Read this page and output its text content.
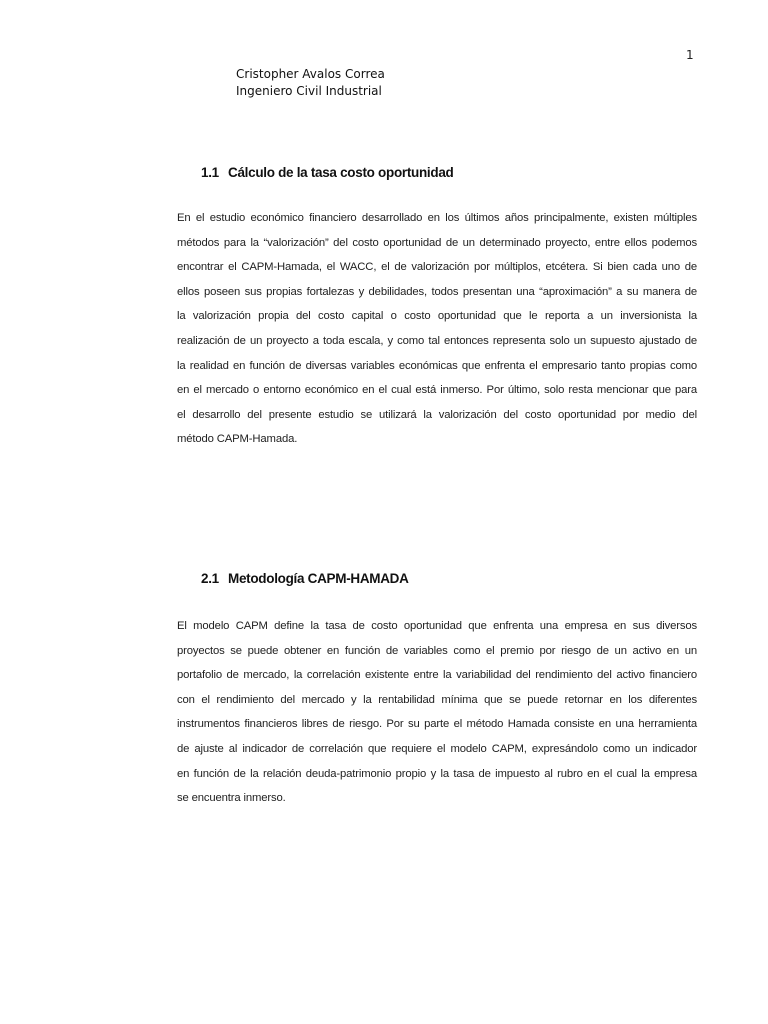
1
Cristopher Avalos Correa
Ingeniero Civil Industrial
1.1 Cálculo de la tasa costo oportunidad
En el estudio económico financiero desarrollado en los últimos años principalmente, existen múltiples
métodos para la “valorización” del costo oportunidad de un determinado proyecto, entre ellos podemos
encontrar el CAPM-Hamada, el WACC, el de valorización por múltiplos, etcétera. Si bien cada uno de
ellos poseen sus propias fortalezas y debilidades, todos presentan una “aproximación” a su manera de
la valorización propia del costo capital o costo oportunidad que le reporta a un inversionista la
realización de un proyecto a toda escala, y como tal entonces representa solo un supuesto ajustado de
la realidad en función de diversas variables económicas que enfrenta el empresario tanto propias como
en el mercado o entorno económico en el cual está inmerso. Por último, solo resta mencionar que para
el desarrollo del presente estudio se utilizará la valorización del costo oportunidad por medio del
método CAPM-Hamada.
2.1 Metodología CAPM-HAMADA
El modelo CAPM define la tasa de costo oportunidad que enfrenta una empresa en sus diversos
proyectos se puede obtener en función de variables como el premio por riesgo de un activo en un
portafolio de mercado, la correlación existente entre la variabilidad del rendimiento del activo financiero
con el rendimiento del mercado y la rentabilidad mínima que se puede retornar en los diferentes
instrumentos financieros libres de riesgo. Por su parte el método Hamada consiste en una herramienta
de ajuste al indicador de correlación que requiere el modelo CAPM, expresándolo como un indicador
en función de la relación deuda-patrimonio propio y la tasa de impuesto al rubro en el cual la empresa
se encuentra inmerso.
